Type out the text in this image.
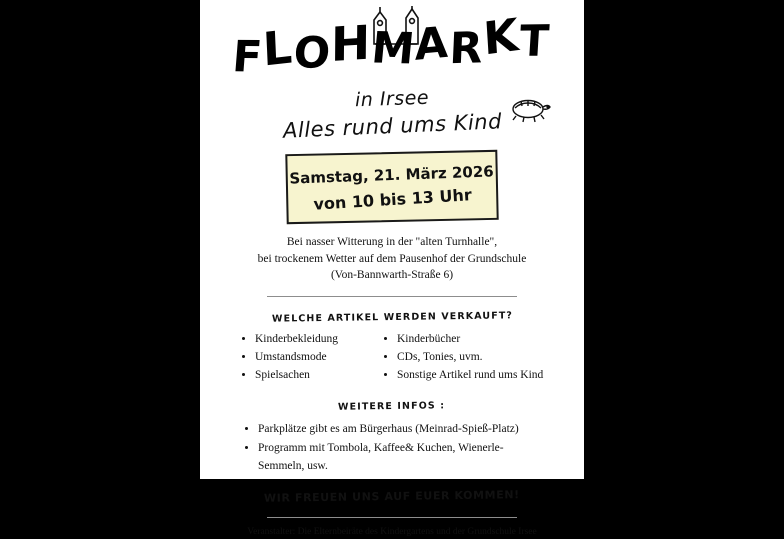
FLOHMARKT
in Irsee
Alles rund ums Kind
Samstag, 21. März 2026
von 10 bis 13 Uhr
Bei nasser Witterung in der "alten Turnhalle",
bei trockenem Wetter auf dem Pausenhof der Grundschule
(Von-Bannwarth-Straße 6)
WELCHE ARTIKEL WERDEN VERKAUFT?
• Kinderbekleidung
• Umstandsmode
• Spielsachen
• Kinderbücher
• CDs, Tonies, uvm.
• Sonstige Artikel rund ums Kind
WEITERE INFOS :
• Parkplätze gibt es am Bürgerhaus (Meinrad-Spieß-Platz)
• Programm mit Tombola, Kaffee& Kuchen, Wienerle-Semmeln, usw.
WIR FREUEN UNS AUF EUER KOMMEN!
Veranstalter: Die Elternbeiräte des Kindergartens und der Grundschule Irsee
